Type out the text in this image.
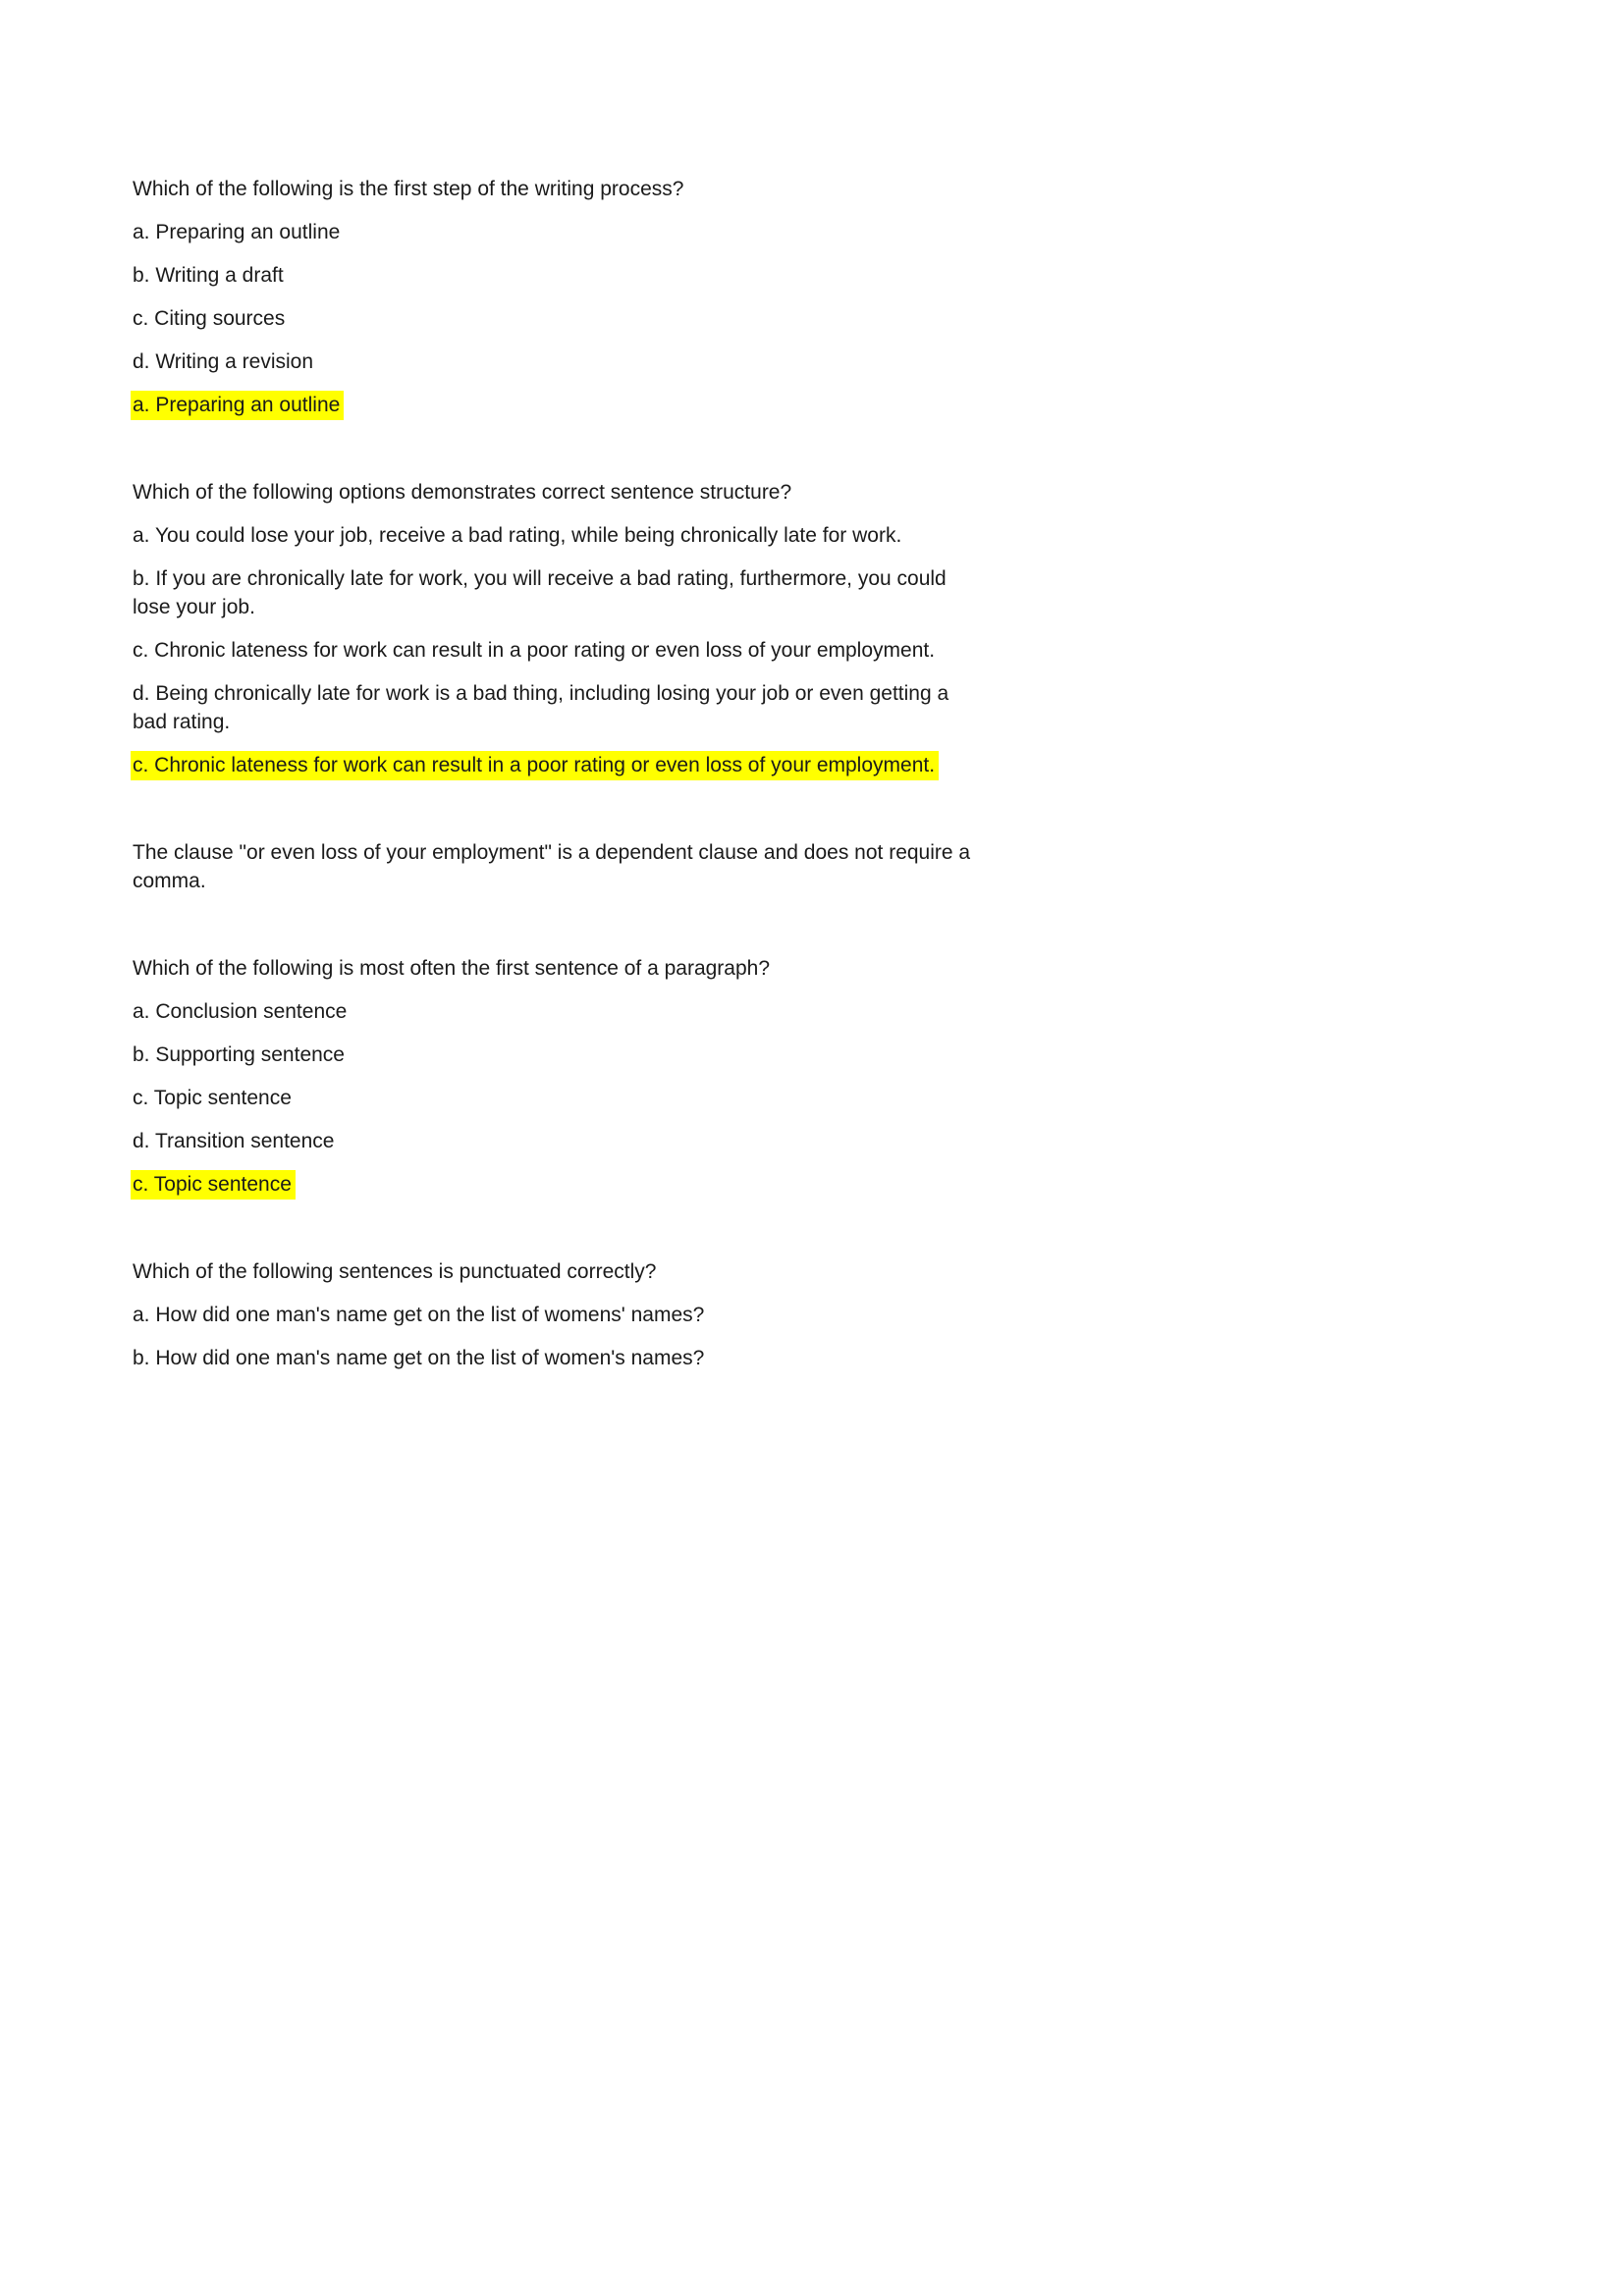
Which of the following is the first step of the writing process?

a. Preparing an outline

b. Writing a draft

c. Citing sources

d. Writing a revision

a. Preparing an outline

Which of the following options demonstrates correct sentence structure?

a. You could lose your job, receive a bad rating, while being chronically late for work.

b. If you are chronically late for work, you will receive a bad rating, furthermore, you could lose your job.

c. Chronic lateness for work can result in a poor rating or even loss of your employment.

d. Being chronically late for work is a bad thing, including losing your job or even getting a bad rating.

c. Chronic lateness for work can result in a poor rating or even loss of your employment.

The clause "or even loss of your employment" is a dependent clause and does not require a comma.

Which of the following is most often the first sentence of a paragraph?

a. Conclusion sentence

b. Supporting sentence

c. Topic sentence

d. Transition sentence

c. Topic sentence

Which of the following sentences is punctuated correctly?

a. How did one man's name get on the list of womens' names?

b. How did one man's name get on the list of women's names?
